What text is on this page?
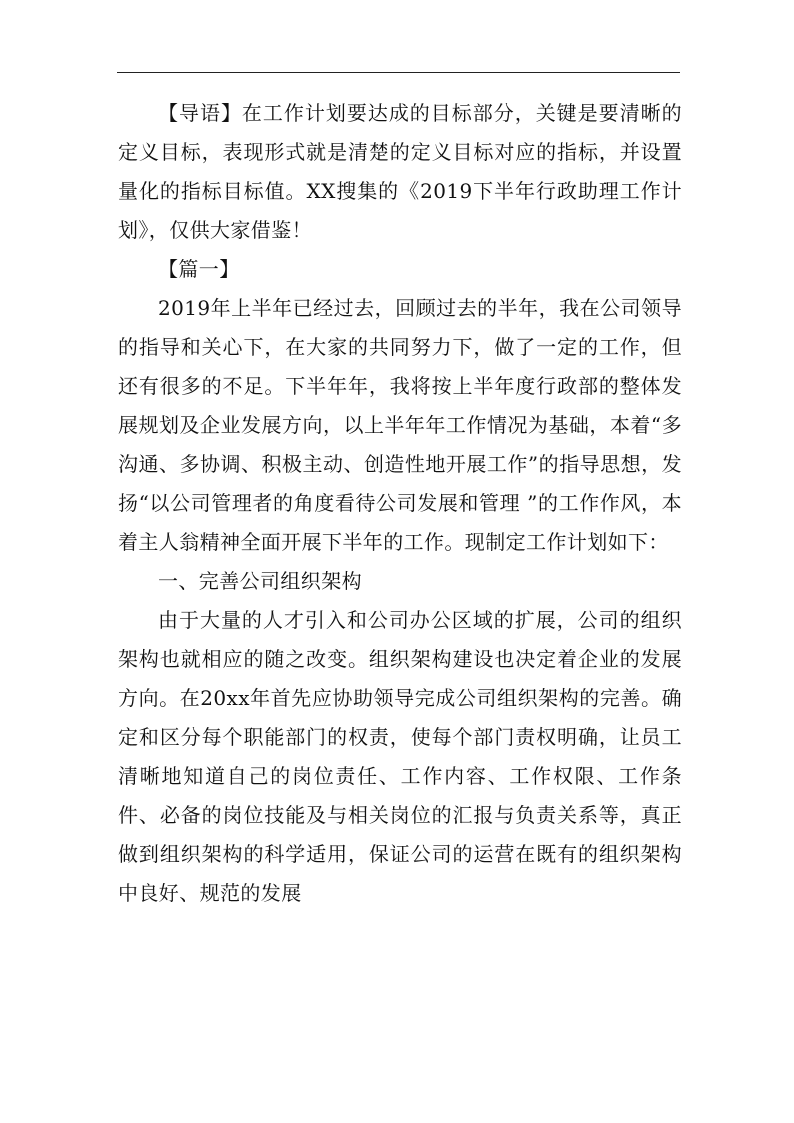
【导语】在工作计划要达成的目标部分，关键是要清晰的定义目标，表现形式就是清楚的定义目标对应的指标，并设置量化的指标目标值。XX搜集的《2019下半年行政助理工作计划》，仅供大家借鉴！

【篇一】

2019年上半年已经过去，回顾过去的半年，我在公司领导的指导和关心下，在大家的共同努力下，做了一定的工作，但还有很多的不足。下半年年，我将按上半年度行政部的整体发展规划及企业发展方向，以上半年年工作情况为基础，本着“多沟通、多协调、积极主动、创造性地开展工作”的指导思想，发扬“以公司管理者的角度看待公司发展和管理 ”的工作作风，本着主人翁精神全面开展下半年的工作。现制定工作计划如下：

一、完善公司组织架构

由于大量的人才引入和公司办公区域的扩展，公司的组织架构也就相应的随之改变。组织架构建设也决定着企业的发展方向。在20xx年首先应协助领导完成公司组织架构的完善。确定和区分每个职能部门的权责，使每个部门责权明确，让员工清晰地知道自己的岗位责任、工作内容、工作权限、工作条件、必备的岗位技能及与相关岗位的汇报与负责关系等，真正做到组织架构的科学适用，保证公司的运营在既有的组织架构中良好、规范的发展
